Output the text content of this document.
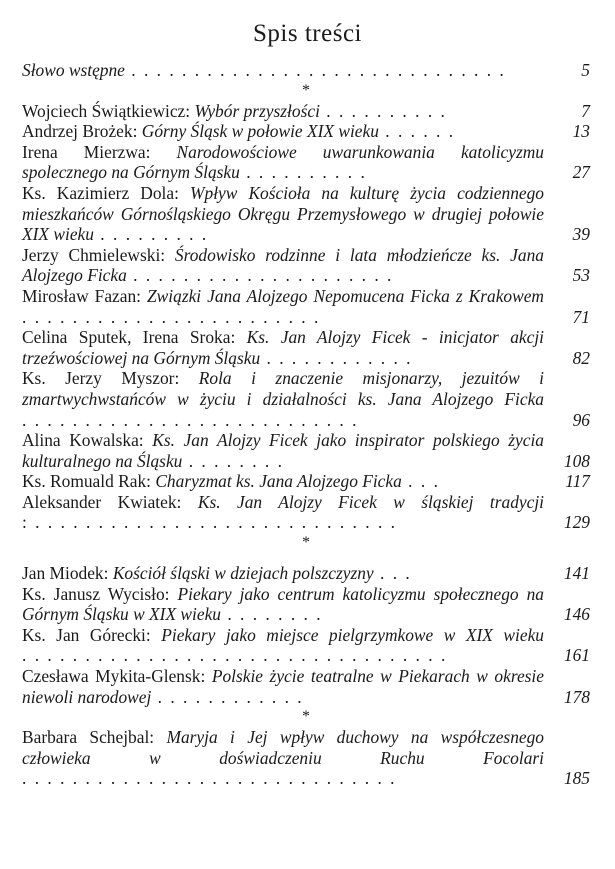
Spis treści
Słowo wstępne . . . . . . . . . . . . . . . . . . . . . . . . . . . . . .	5
*
Wojciech Świątkiewicz: Wybór przyszłości . . . . . . . . . .	7
Andrzej Brożek: Górny Śląsk w połowie XIX wieku . . . . . .	13
Irena Mierzwa: Narodowościowe uwarunkowania katolicyzmu spolecznego na Górnym Śląsku . . . . . . . . . .	27
Ks. Kazimierz Dola: Wpływ Kościoła na kulturę życia codziennego mieszkańców Górnośląskiego Okręgu Przemysłowego w drugiej połowie XIX wieku . . . . . . . . .	39
Jerzy Chmielewski: Środowisko rodzinne i lata młodzieńcze ks. Jana Alojzego Ficka . . . . . . . . . . . . . . . . . . . . .	53
Mirosław Fazan: Związki Jana Alojzego Nepomucena Ficka z Krakowem . . . . . . . . . . . . . . . . . . . . . . . .	71
Celina Sputek, Irena Sroka: Ks. Jan Alojzy Ficek - inicjator akcji trzeźwościowej na Górnym Śląsku . . . . . . . . . . . .	82
Ks. Jerzy Myszor: Rola i znaczenie misjonarzy, jezuitów i zmartwychwstańców w życiu i działalności ks. Jana Alojzego Ficka . . . . . . . . . . . . . . . . . . . . . . . . . . .	96
Alina Kowalska: Ks. Jan Alojzy Ficek jako inspirator polskiego życia kulturalnego na Śląsku . . . . . . . .	108
Ks. Romuald Rak: Charyzmat ks. Jana Alojzego Ficka . . .	117
Aleksander Kwiatek: Ks. Jan Alojzy Ficek w śląskiej tradycji : . . . . . . . . . . . . . . . . . . . . . . . . . . . . .	129
*
Jan Miodek: Kościół śląski w dziejach polszczyzny . . .	141
Ks. Janusz Wycisło: Piekary jako centrum katolicyzmu społecznego na Górnym Śląsku w XIX wieku . . . . . . . .	146
Ks. Jan Górecki: Piekary jako miejsce pielgrzymkowe w XIX wieku . . . . . . . . . . . . . . . . . . . . . . . . . . . . . . . . . .	161
Czesława Mykita-Glensk: Polskie życie teatralne w Piekarach w okresie niewoli narodowej . . . . . . . . . . . .	178
*
Barbara Schejbal: Maryja i Jej wpływ duchowy na współczesnego człowieka w doświadczeniu Ruchu Focolari . . . . . . . . . . . . . . . . . . . . . . . . . . . . . .	185
